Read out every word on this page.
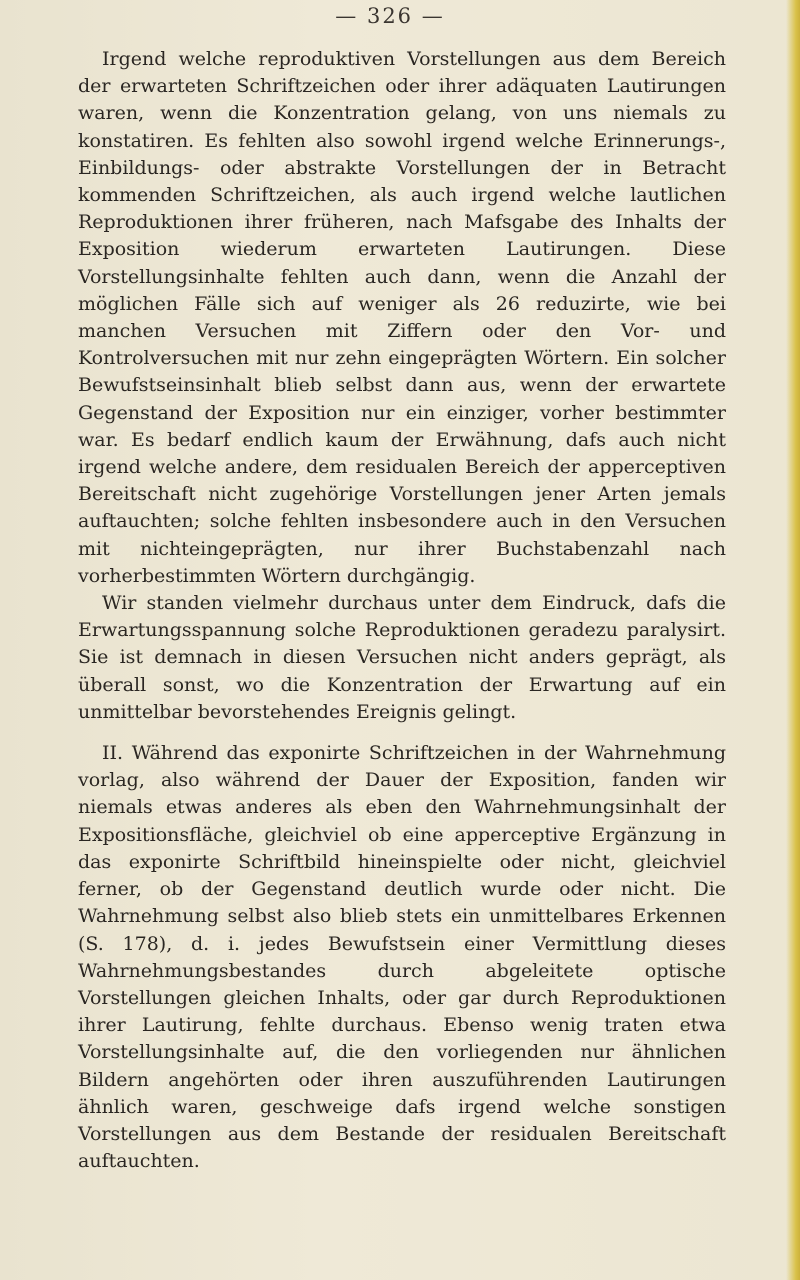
— 326 —

Irgend welche reproduktiven Vorstellungen aus dem Bereich der erwarteten Schriftzeichen oder ihrer adäquaten Lautirungen waren, wenn die Konzentration gelang, von uns niemals zu konstatiren. Es fehlten also sowohl irgend welche Erinnerungs-, Einbildungs- oder abstrakte Vorstellungen der in Betracht kommenden Schriftzeichen, als auch irgend welche lautlichen Reproduktionen ihrer früheren, nach Mafsgabe des Inhalts der Exposition wiederum erwarteten Lautirungen. Diese Vorstellungsinhalte fehlten auch dann, wenn die Anzahl der möglichen Fälle sich auf weniger als 26 reduzirte, wie bei manchen Versuchen mit Ziffern oder den Vor- und Kontrolversuchen mit nur zehn eingeprägten Wörtern. Ein solcher Bewufstseinsinhalt blieb selbst dann aus, wenn der erwartete Gegenstand der Exposition nur ein einziger, vorher bestimmter war. Es bedarf endlich kaum der Erwähnung, dafs auch nicht irgend welche andere, dem residualen Bereich der apperceptiven Bereitschaft nicht zugehörige Vorstellungen jener Arten jemals auftauchten; solche fehlten insbesondere auch in den Versuchen mit nichteingeprägten, nur ihrer Buchstabenzahl nach vorherbestimmten Wörtern durchgängig.

Wir standen vielmehr durchaus unter dem Eindruck, dafs die Erwartungsspannung solche Reproduktionen geradezu paralysirt. Sie ist demnach in diesen Versuchen nicht anders geprägt, als überall sonst, wo die Konzentration der Erwartung auf ein unmittelbar bevorstehendes Ereignis gelingt.

II. Während das exponirte Schriftzeichen in der Wahrnehmung vorlag, also während der Dauer der Exposition, fanden wir niemals etwas anderes als eben den Wahrnehmungsinhalt der Expositionsfläche, gleichviel ob eine apperceptive Ergänzung in das exponirte Schriftbild hineinspielte oder nicht, gleichviel ferner, ob der Gegenstand deutlich wurde oder nicht. Die Wahrnehmung selbst also blieb stets ein unmittelbares Erkennen (S. 178), d. i. jedes Bewufstsein einer Vermittlung dieses Wahrnehmungsbestandes durch abgeleitete optische Vorstellungen gleichen Inhalts, oder gar durch Reproduktionen ihrer Lautirung, fehlte durchaus. Ebenso wenig traten etwa Vorstellungsinhalte auf, die den vorliegenden nur ähnlichen Bildern angehörten oder ihren auszuführenden Lautirungen ähnlich waren, geschweige dafs irgend welche sonstigen Vorstellungen aus dem Bestande der residualen Bereitschaft auftauchten.
